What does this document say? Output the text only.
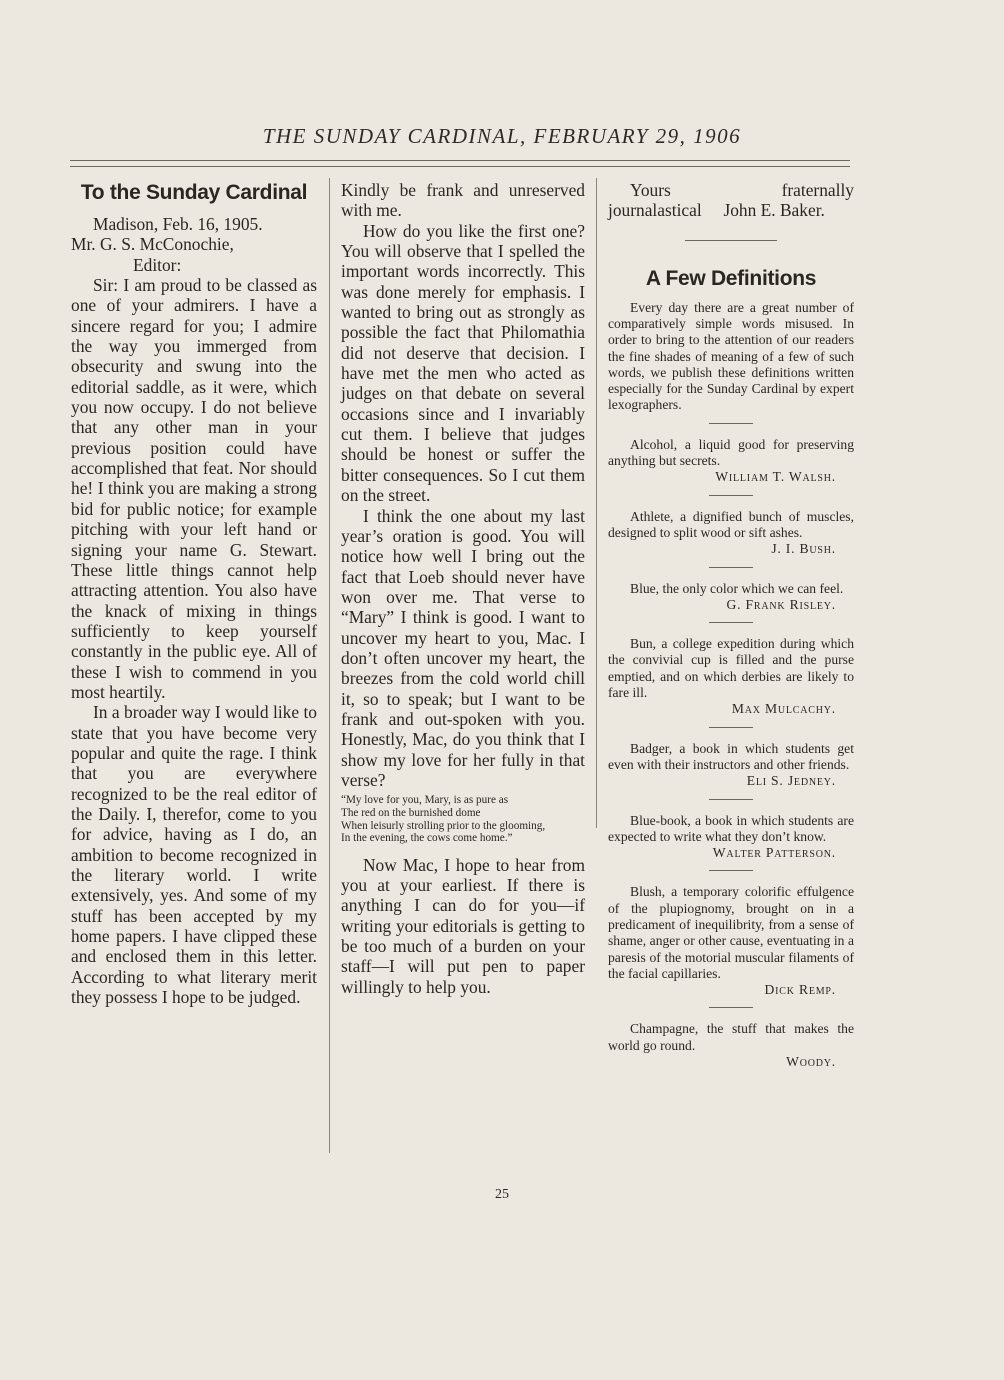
THE SUNDAY CARDINAL, FEBRUARY 29, 1906

To the Sunday Cardinal

Madison, Feb. 16, 1905.

Mr. G. S. McConochie,

Editor:

Sir: I am proud to be classed as one of your admirers. I have a sincere regard for you; I admire the way you immerged from obsecurity and swung into the editorial saddle, as it were, which you now occupy. I do not believe that any other man in your previous position could have accomplished that feat. Nor should he! I think you are making a strong bid for public notice; for example pitching with your left hand or signing your name G. Stewart. These little things cannot help attracting attention. You also have the knack of mixing in things sufficiently to keep yourself constantly in the public eye. All of these I wish to commend in you most heartily.

In a broader way I would like to state that you have become very popular and quite the rage. I think that you are everywhere recognized to be the real editor of the Daily. I, therefor, come to you for advice, having as I do, an ambition to become recognized in the literary world. I write extensively, yes. And some of my stuff has been accepted by my home papers. I have clipped these and enclosed them in this letter. According to what literary merit they possess I hope to be judged.

Kindly be frank and unreserved with me.

How do you like the first one? You will observe that I spelled the important words incorrectly. This was done merely for emphasis. I wanted to bring out as strongly as possible the fact that Philomathia did not deserve that decision. I have met the men who acted as judges on that debate on several occasions since and I invariably cut them. I believe that judges should be honest or suffer the bitter consequences. So I cut them on the street.

I think the one about my last year’s oration is good. You will notice how well I bring out the fact that Loeb should never have won over me. That verse to “Mary” I think is good. I want to uncover my heart to you, Mac. I don’t often uncover my heart, the breezes from the cold world chill it, so to speak; but I want to be frank and out-spoken with you. Honestly, Mac, do you think that I show my love for her fully in that verse?

“My love for you, Mary, is as pure as
The red on the burnished dome
When leisurly strolling prior to the glooming,
In the evening, the cows come home.”

Now Mac, I hope to hear from you at your earliest. If there is anything I can do for you—if writing your editorials is getting to be too much of a burden on your staff—I will put pen to paper willingly to help you.

Yours fraternally journalastical John E. Baker.

A Few Definitions

Every day there are a great number of comparatively simple words misused. In order to bring to the attention of our readers the fine shades of meaning of a few of such words, we publish these definitions written especially for the Sunday Cardinal by expert lexographers.

Alcohol, a liquid good for preserving anything but secrets.

William T. Walsh.

Athlete, a dignified bunch of muscles, designed to split wood or sift ashes.

J. I. Bush.

Blue, the only color which we can feel.

G. Frank Risley.

Bun, a college expedition during which the convivial cup is filled and the purse emptied, and on which derbies are likely to fare ill.

Max Mulcachy.

Badger, a book in which students get even with their instructors and other friends.

Eli S. Jedney.

Blue-book, a book in which students are expected to write what they don’t know.

Walter Patterson.

Blush, a temporary colorific effulgence of the plupiognomy, brought on in a predicament of inequilibrity, from a sense of shame, anger or other cause, eventuating in a paresis of the motorial muscular filaments of the facial capillaries.

Dick Remp.

Champagne, the stuff that makes the world go round.

Woody.

25
